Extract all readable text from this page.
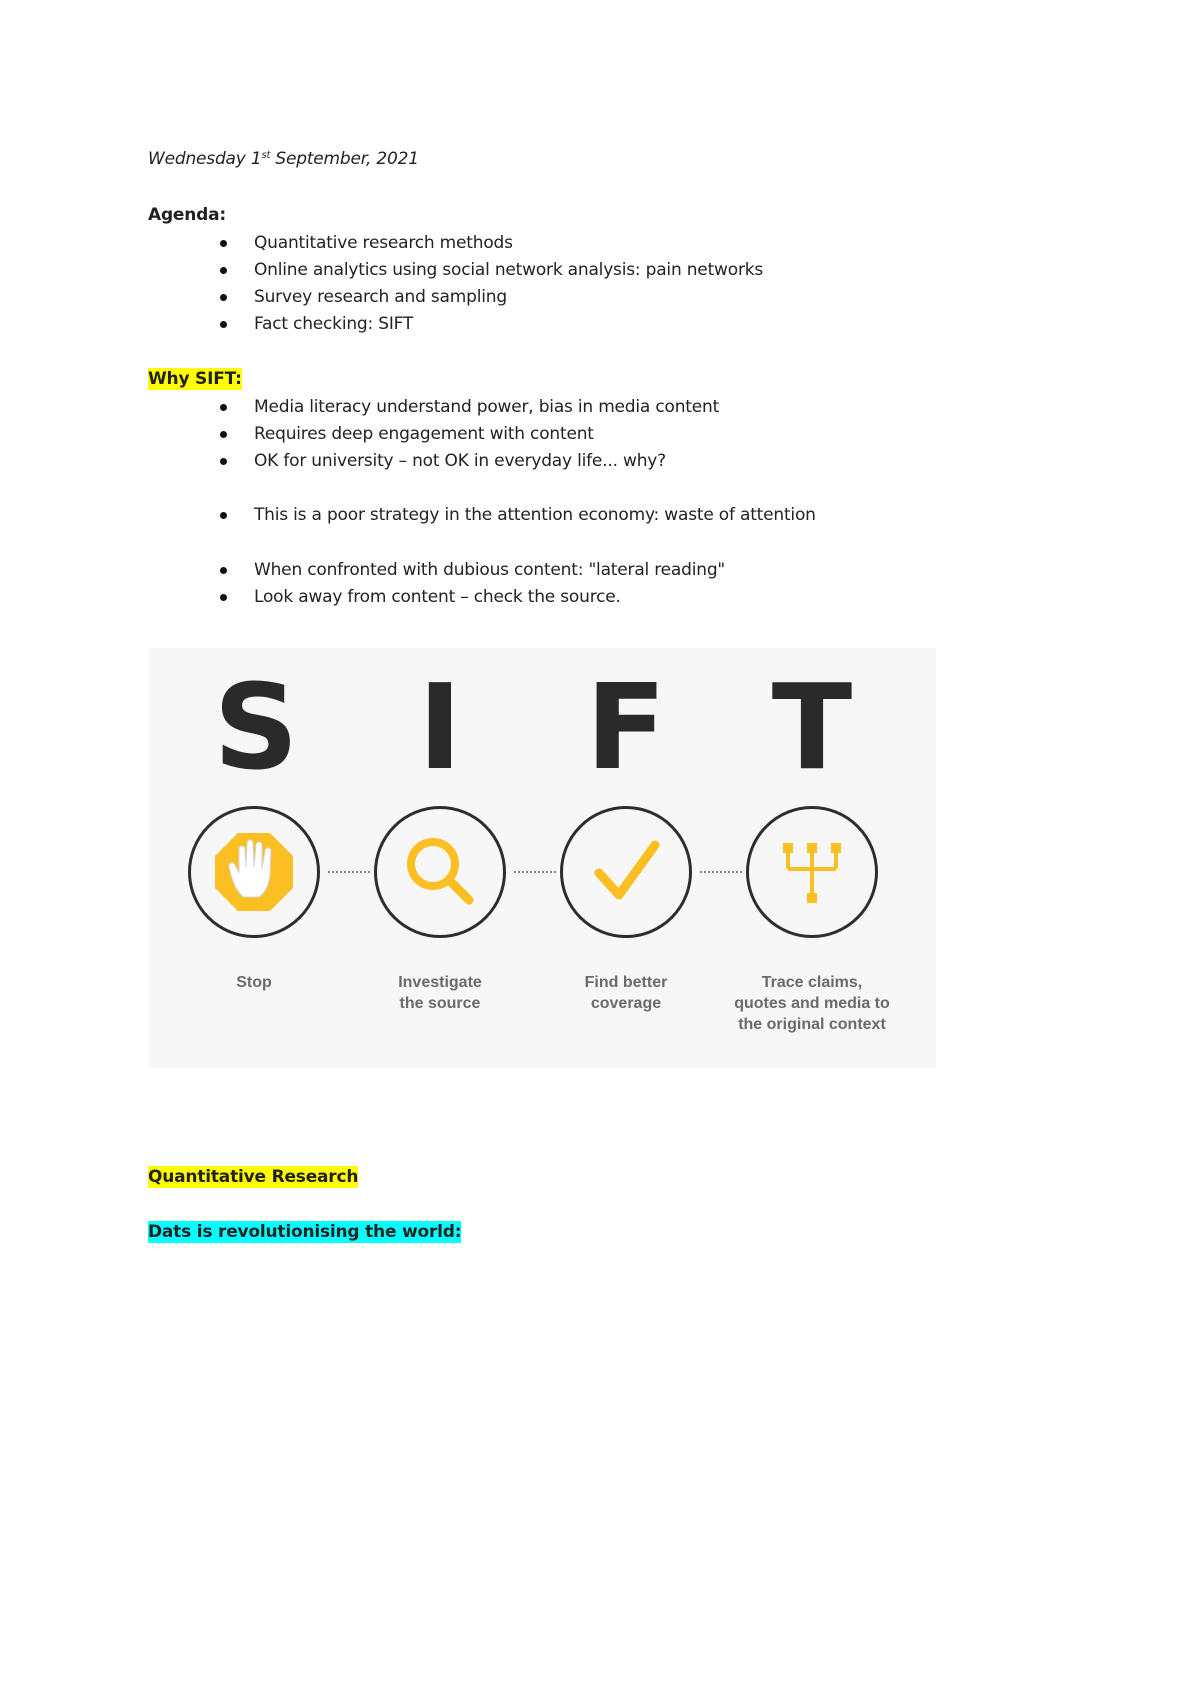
Wednesday 1st September, 2021
Agenda:
Quantitative research methods
Online analytics using social network analysis: pain networks
Survey research and sampling
Fact checking: SIFT
Why SIFT:
Media literacy understand power, bias in media content
Requires deep engagement with content
OK for university – not OK in everyday life... why?
This is a poor strategy in the attention economy: waste of attention
When confronted with dubious content: "lateral reading"
Look away from content – check the source.
S	I	F T
Stop	Investigate
the source
Find better
coverage
Trace claims,
quotes and media to
the original context
Quantitative Research
Dats is revolutionising the world:
